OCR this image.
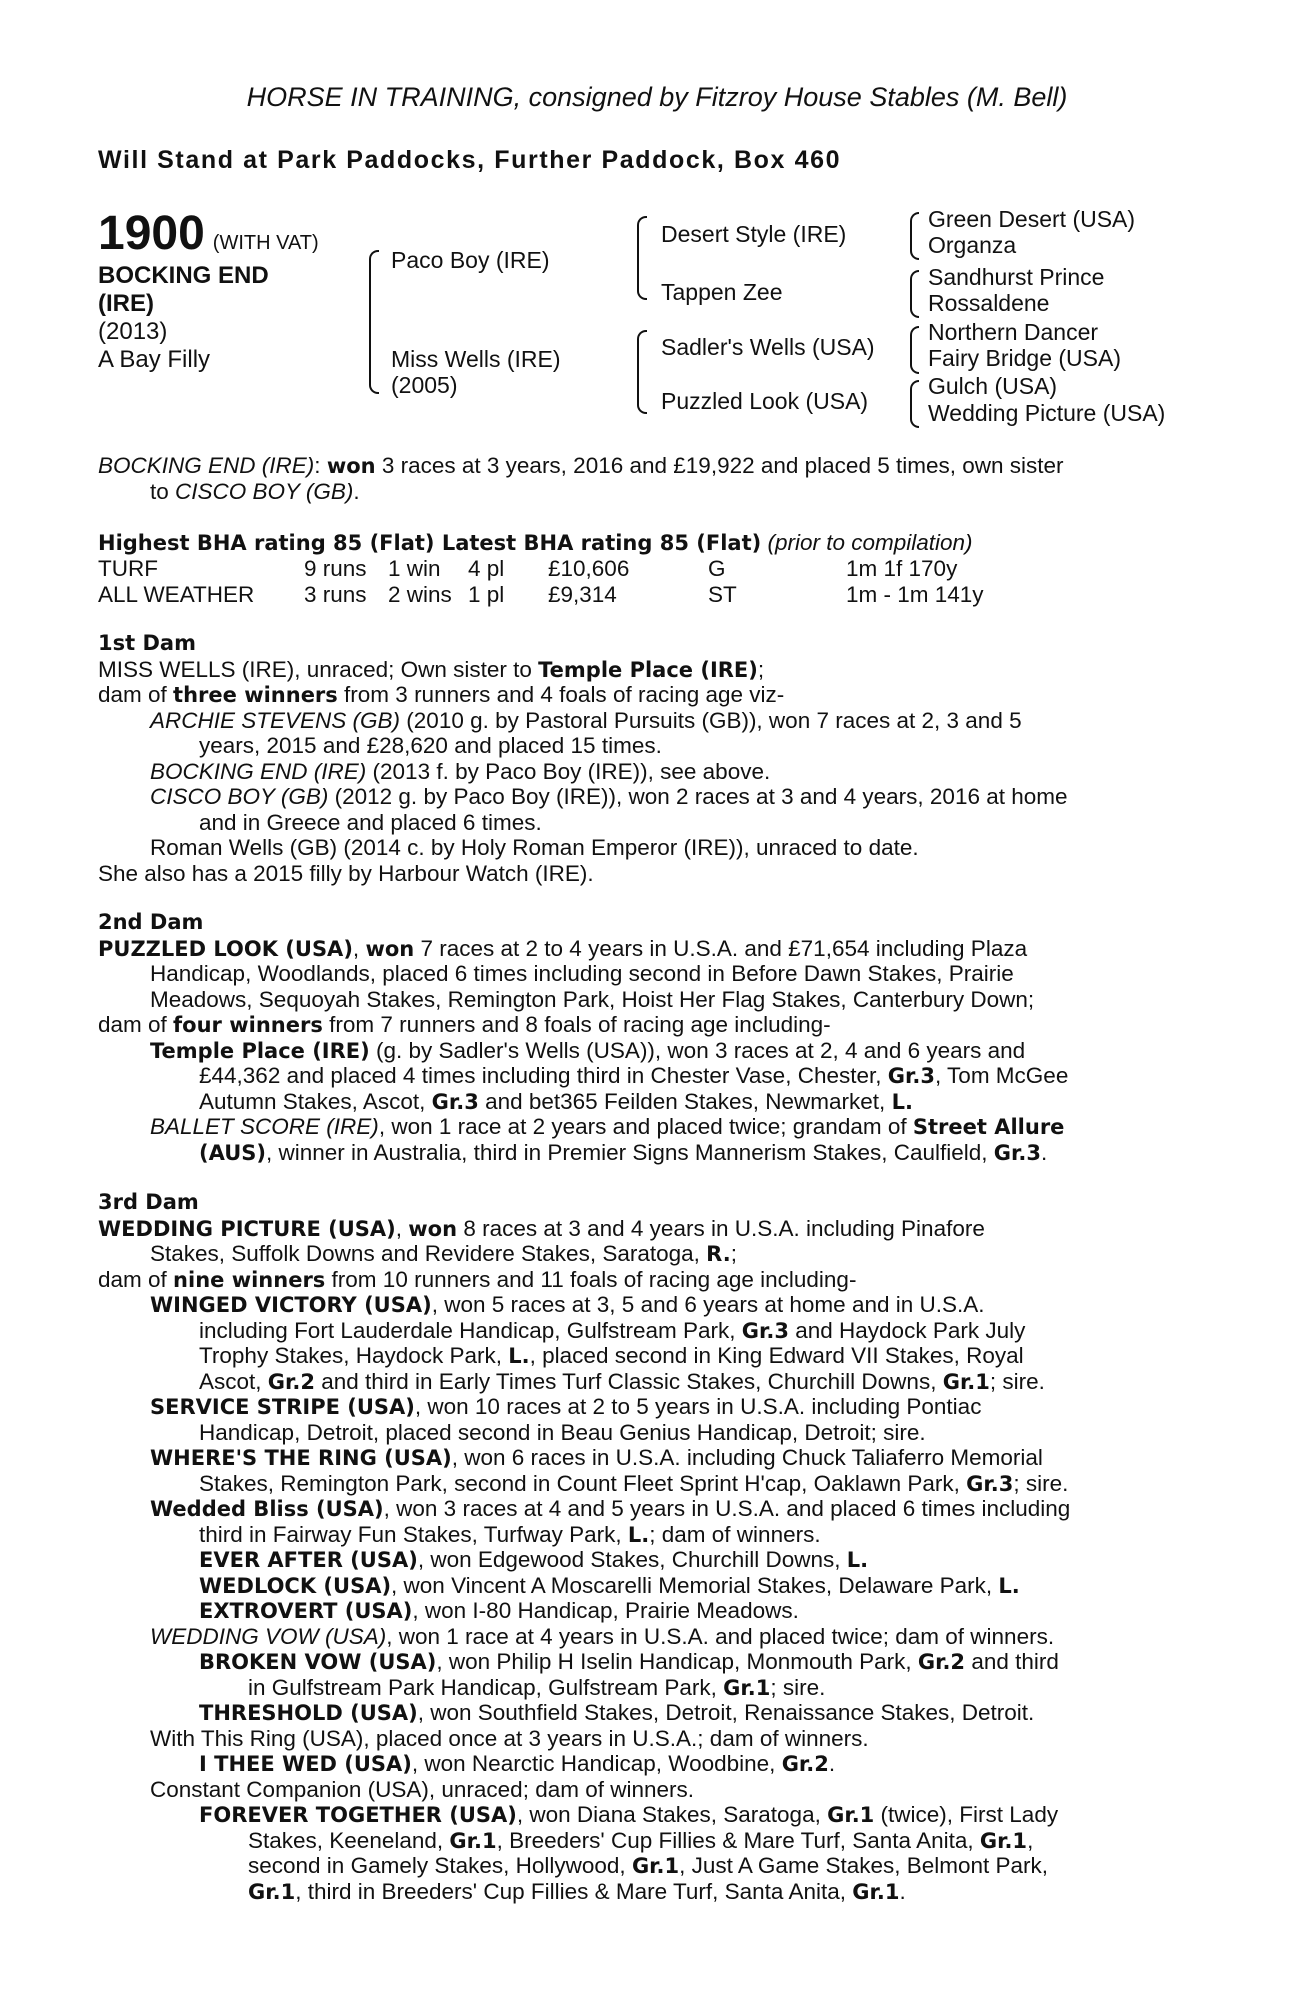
HORSE IN TRAINING, consigned by Fitzroy House Stables (M. Bell)
Will Stand at Park Paddocks, Further Paddock, Box 460
1900 (WITH VAT)
BOCKING END
(IRE)
(2013)
A Bay Filly
Paco Boy (IRE)
Miss Wells (IRE)
(2005)
Desert Style (IRE)
Tappen Zee
Sadler's Wells (USA)
Puzzled Look (USA)
Green Desert (USA)
Organza
Sandhurst Prince
Rossaldene
Northern Dancer
Fairy Bridge (USA)
Gulch (USA)
Wedding Picture (USA)
BOCKING END (IRE): won 3 races at 3 years, 2016 and £19,922 and placed 5 times, own sister
to CISCO BOY (GB).
Highest BHA rating 85 (Flat) Latest BHA rating 85 (Flat) (prior to compilation)
TURF	9 runs 1 win 4 pl £10,606	G	1m 1f 170y
ALL WEATHER 3 runs 2 wins 1 pl £9,314	ST	1m - 1m 141y
1st Dam
MISS WELLS (IRE), unraced; Own sister to Temple Place (IRE);
dam of three winners from 3 runners and 4 foals of racing age viz-
ARCHIE STEVENS (GB) (2010 g. by Pastoral Pursuits (GB)), won 7 races at 2, 3 and 5
years, 2015 and £28,620 and placed 15 times.
BOCKING END (IRE) (2013 f. by Paco Boy (IRE)), see above.
CISCO BOY (GB) (2012 g. by Paco Boy (IRE)), won 2 races at 3 and 4 years, 2016 at home
and in Greece and placed 6 times.
Roman Wells (GB) (2014 c. by Holy Roman Emperor (IRE)), unraced to date.
She also has a 2015 filly by Harbour Watch (IRE).
2nd Dam
PUZZLED LOOK (USA), won 7 races at 2 to 4 years in U.S.A. and £71,654 including Plaza
Handicap, Woodlands, placed 6 times including second in Before Dawn Stakes, Prairie
Meadows, Sequoyah Stakes, Remington Park, Hoist Her Flag Stakes, Canterbury Down;
dam of four winners from 7 runners and 8 foals of racing age including-
Temple Place (IRE) (g. by Sadler's Wells (USA)), won 3 races at 2, 4 and 6 years and
£44,362 and placed 4 times including third in Chester Vase, Chester, Gr.3, Tom McGee
Autumn Stakes, Ascot, Gr.3 and bet365 Feilden Stakes, Newmarket, L.
BALLET SCORE (IRE), won 1 race at 2 years and placed twice; grandam of Street Allure
(AUS), winner in Australia, third in Premier Signs Mannerism Stakes, Caulfield, Gr.3.
3rd Dam
WEDDING PICTURE (USA), won 8 races at 3 and 4 years in U.S.A. including Pinafore
Stakes, Suffolk Downs and Revidere Stakes, Saratoga, R.;
dam of nine winners from 10 runners and 11 foals of racing age including-
WINGED VICTORY (USA), won 5 races at 3, 5 and 6 years at home and in U.S.A.
including Fort Lauderdale Handicap, Gulfstream Park, Gr.3 and Haydock Park July
Trophy Stakes, Haydock Park, L., placed second in King Edward VII Stakes, Royal
Ascot, Gr.2 and third in Early Times Turf Classic Stakes, Churchill Downs, Gr.1; sire.
SERVICE STRIPE (USA), won 10 races at 2 to 5 years in U.S.A. including Pontiac
Handicap, Detroit, placed second in Beau Genius Handicap, Detroit; sire.
WHERE'S THE RING (USA), won 6 races in U.S.A. including Chuck Taliaferro Memorial
Stakes, Remington Park, second in Count Fleet Sprint H'cap, Oaklawn Park, Gr.3; sire.
Wedded Bliss (USA), won 3 races at 4 and 5 years in U.S.A. and placed 6 times including
third in Fairway Fun Stakes, Turfway Park, L.; dam of winners.
EVER AFTER (USA), won Edgewood Stakes, Churchill Downs, L.
WEDLOCK (USA), won Vincent A Moscarelli Memorial Stakes, Delaware Park, L.
EXTROVERT (USA), won I-80 Handicap, Prairie Meadows.
WEDDING VOW (USA), won 1 race at 4 years in U.S.A. and placed twice; dam of winners.
BROKEN VOW (USA), won Philip H Iselin Handicap, Monmouth Park, Gr.2 and third
in Gulfstream Park Handicap, Gulfstream Park, Gr.1; sire.
THRESHOLD (USA), won Southfield Stakes, Detroit, Renaissance Stakes, Detroit.
With This Ring (USA), placed once at 3 years in U.S.A.; dam of winners.
I THEE WED (USA), won Nearctic Handicap, Woodbine, Gr.2.
Constant Companion (USA), unraced; dam of winners.
FOREVER TOGETHER (USA), won Diana Stakes, Saratoga, Gr.1 (twice), First Lady
Stakes, Keeneland, Gr.1, Breeders' Cup Fillies & Mare Turf, Santa Anita, Gr.1,
second in Gamely Stakes, Hollywood, Gr.1, Just A Game Stakes, Belmont Park,
Gr.1, third in Breeders' Cup Fillies & Mare Turf, Santa Anita, Gr.1.
